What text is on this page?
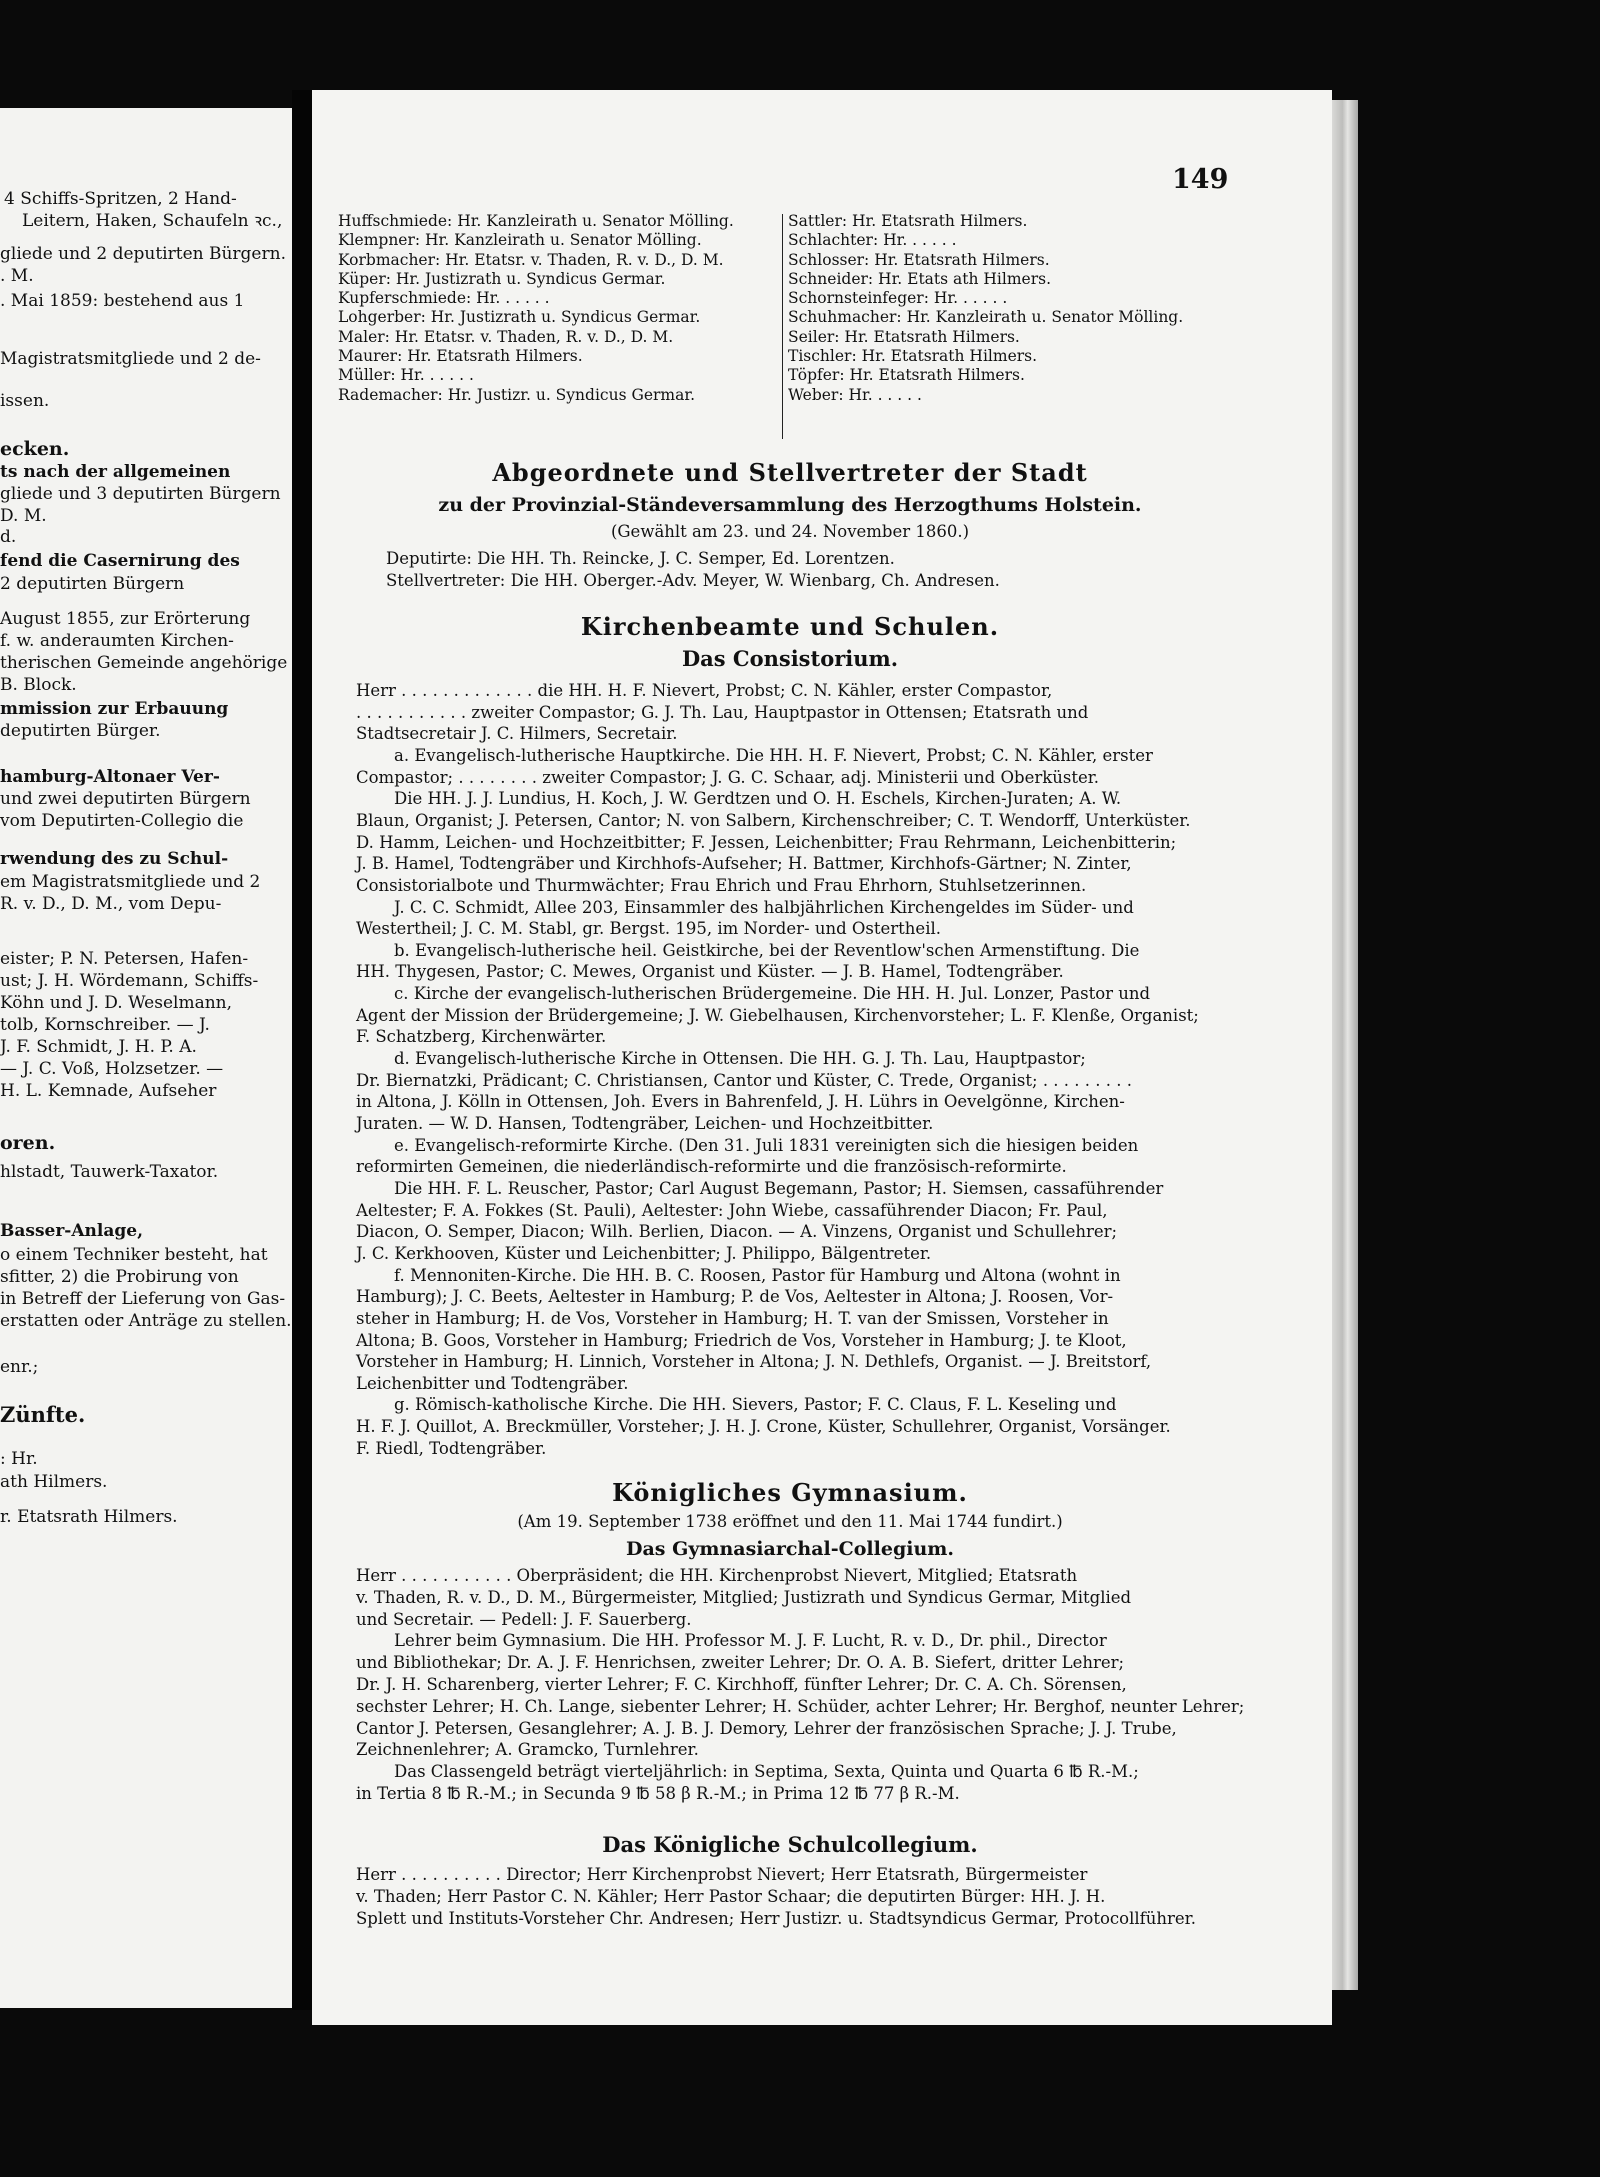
4 Schiffs-Spritzen, 2 Hand-
Leitern, Haken, Schaufeln ꝛc.,
gliede und 2 deputirten Bürgern.
. M.
. Mai 1859: bestehend aus 1
Magistratsmitgliede und 2 de-
issen.
ecken.
ts nach der allgemeinen
gliede und 3 deputirten Bürgern
D. M.
d.
fend die Casernirung des
2 deputirten Bürgern
August 1855, zur Erörterung
f. w. anderaumten Kirchen-
therischen Gemeinde angehörige
B. Block.
mmission zur Erbauung
deputirten Bürger.
hamburg-Altonaer Ver-
und zwei deputirten Bürgern
vom Deputirten-Collegio die
rwendung des zu Schul-
em Magistratsmitgliede und 2
R. v. D., D. M., vom Depu-
eister; P. N. Petersen, Hafen-
ust; J. H. Wördemann, Schiffs-
Köhn und J. D. Weselmann,
tolb, Kornschreiber. — J.
J. F. Schmidt, J. H. P. A.
— J. C. Voß, Holzsetzer. —
H. L. Kemnade, Aufseher
oren.
hlstadt, Tauwerk-Taxator.
Basser-Anlage,
o einem Techniker besteht, hat
sfitter, 2) die Probirung von
in Betreff der Lieferung von Gas-
erstatten oder Anträge zu stellen.
enr.;
Zünfte.
: Hr.
ath Hilmers.
r. Etatsrath Hilmers.
149
Huffschmiede: Hr. Kanzleirath u. Senator Mölling.
Klempner: Hr. Kanzleirath u. Senator Mölling.
Korbmacher: Hr. Etatsr. v. Thaden, R. v. D., D. M.
Küper: Hr. Justizrath u. Syndicus Germar.
Kupferschmiede: Hr. . . . . .
Lohgerber: Hr. Justizrath u. Syndicus Germar.
Maler: Hr. Etatsr. v. Thaden, R. v. D., D. M.
Maurer: Hr. Etatsrath Hilmers.
Müller: Hr. . . . . .
Rademacher: Hr. Justizr. u. Syndicus Germar.
Sattler: Hr. Etatsrath Hilmers.
Schlachter: Hr. . . . . .
Schlosser: Hr. Etatsrath Hilmers.
Schneider: Hr. Etats ath Hilmers.
Schornsteinfeger: Hr. . . . . .
Schuhmacher: Hr. Kanzleirath u. Senator Mölling.
Seiler: Hr. Etatsrath Hilmers.
Tischler: Hr. Etatsrath Hilmers.
Töpfer: Hr. Etatsrath Hilmers.
Weber: Hr. . . . . .
Abgeordnete und Stellvertreter der Stadt
zu der Provinzial-Ständeversammlung des Herzogthums Holstein.
(Gewählt am 23. und 24. November 1860.)
Deputirte: Die HH. Th. Reincke, J. C. Semper, Ed. Lorentzen.
Stellvertreter: Die HH. Oberger.-Adv. Meyer, W. Wienbarg, Ch. Andresen.
Kirchenbeamte und Schulen.
Das Consistorium.
Herr . . . . . . . . . . . . . die HH. H. F. Nievert, Probst; C. N. Kähler, erster Compastor,
. . . . . . . . . . . zweiter Compastor; G. J. Th. Lau, Hauptpastor in Ottensen; Etatsrath und
Stadtsecretair J. C. Hilmers, Secretair.
a. Evangelisch-lutherische Hauptkirche. Die HH. H. F. Nievert, Probst; C. N. Kähler, erster
Compastor; . . . . . . . . zweiter Compastor; J. G. C. Schaar, adj. Ministerii und Oberküster.
Die HH. J. J. Lundius, H. Koch, J. W. Gerdtzen und O. H. Eschels, Kirchen-Juraten; A. W.
Blaun, Organist; J. Petersen, Cantor; N. von Salbern, Kirchenschreiber; C. T. Wendorff, Unterküster.
D. Hamm, Leichen- und Hochzeitbitter; F. Jessen, Leichenbitter; Frau Rehrmann, Leichenbitterin;
J. B. Hamel, Todtengräber und Kirchhofs-Aufseher; H. Battmer, Kirchhofs-Gärtner; N. Zinter,
Consistorialbote und Thurmwächter; Frau Ehrich und Frau Ehrhorn, Stuhlsetzerinnen.
J. C. C. Schmidt, Allee 203, Einsammler des halbjährlichen Kirchengeldes im Süder- und
Westertheil; J. C. M. Stabl, gr. Bergst. 195, im Norder- und Ostertheil.
b. Evangelisch-lutherische heil. Geistkirche, bei der Reventlow'schen Armenstiftung. Die
HH. Thygesen, Pastor; C. Mewes, Organist und Küster. — J. B. Hamel, Todtengräber.
c. Kirche der evangelisch-lutherischen Brüdergemeine. Die HH. H. Jul. Lonzer, Pastor und
Agent der Mission der Brüdergemeine; J. W. Giebelhausen, Kirchenvorsteher; L. F. Klenße, Organist;
F. Schatzberg, Kirchenwärter.
d. Evangelisch-lutherische Kirche in Ottensen. Die HH. G. J. Th. Lau, Hauptpastor;
Dr. Biernatzki, Prädicant; C. Christiansen, Cantor und Küster, C. Trede, Organist; . . . . . . . . .
in Altona, J. Kölln in Ottensen, Joh. Evers in Bahrenfeld, J. H. Lührs in Oevelgönne, Kirchen-
Juraten. — W. D. Hansen, Todtengräber, Leichen- und Hochzeitbitter.
e. Evangelisch-reformirte Kirche. (Den 31. Juli 1831 vereinigten sich die hiesigen beiden
reformirten Gemeinen, die niederländisch-reformirte und die französisch-reformirte.
Die HH. F. L. Reuscher, Pastor; Carl August Begemann, Pastor; H. Siemsen, cassaführender
Aeltester; F. A. Fokkes (St. Pauli), Aeltester: John Wiebe, cassaführender Diacon; Fr. Paul,
Diacon, O. Semper, Diacon; Wilh. Berlien, Diacon. — A. Vinzens, Organist und Schullehrer;
J. C. Kerkhooven, Küster und Leichenbitter; J. Philippo, Bälgentreter.
f. Mennoniten-Kirche. Die HH. B. C. Roosen, Pastor für Hamburg und Altona (wohnt in
Hamburg); J. C. Beets, Aeltester in Hamburg; P. de Vos, Aeltester in Altona; J. Roosen, Vor-
steher in Hamburg; H. de Vos, Vorsteher in Hamburg; H. T. van der Smissen, Vorsteher in
Altona; B. Goos, Vorsteher in Hamburg; Friedrich de Vos, Vorsteher in Hamburg; J. te Kloot,
Vorsteher in Hamburg; H. Linnich, Vorsteher in Altona; J. N. Dethlefs, Organist. — J. Breitstorf,
Leichenbitter und Todtengräber.
g. Römisch-katholische Kirche. Die HH. Sievers, Pastor; F. C. Claus, F. L. Keseling und
H. F. J. Quillot, A. Breckmüller, Vorsteher; J. H. J. Crone, Küster, Schullehrer, Organist, Vorsänger.
F. Riedl, Todtengräber.
Königliches Gymnasium.
(Am 19. September 1738 eröffnet und den 11. Mai 1744 fundirt.)
Das Gymnasiarchal-Collegium.
Herr . . . . . . . . . . . Oberpräsident; die HH. Kirchenprobst Nievert, Mitglied; Etatsrath
v. Thaden, R. v. D., D. M., Bürgermeister, Mitglied; Justizrath und Syndicus Germar, Mitglied
und Secretair. — Pedell: J. F. Sauerberg.
Lehrer beim Gymnasium. Die HH. Professor M. J. F. Lucht, R. v. D., Dr. phil., Director
und Bibliothekar; Dr. A. J. F. Henrichsen, zweiter Lehrer; Dr. O. A. B. Siefert, dritter Lehrer;
Dr. J. H. Scharenberg, vierter Lehrer; F. C. Kirchhoff, fünfter Lehrer; Dr. C. A. Ch. Sörensen,
sechster Lehrer; H. Ch. Lange, siebenter Lehrer; H. Schüder, achter Lehrer; Hr. Berghof, neunter Lehrer;
Cantor J. Petersen, Gesanglehrer; A. J. B. J. Demory, Lehrer der französischen Sprache; J. J. Trube,
Zeichnenlehrer; A. Gramcko, Turnlehrer.
Das Classengeld beträgt vierteljährlich: in Septima, Sexta, Quinta und Quarta 6 ℔ R.-M.;
in Tertia 8 ℔ R.-M.; in Secunda 9 ℔ 58 β R.-M.; in Prima 12 ℔ 77 β R.-M.
Das Königliche Schulcollegium.
Herr . . . . . . . . . . Director; Herr Kirchenprobst Nievert; Herr Etatsrath, Bürgermeister
v. Thaden; Herr Pastor C. N. Kähler; Herr Pastor Schaar; die deputirten Bürger: HH. J. H.
Splett und Instituts-Vorsteher Chr. Andresen; Herr Justizr. u. Stadtsyndicus Germar, Protocollführer.
